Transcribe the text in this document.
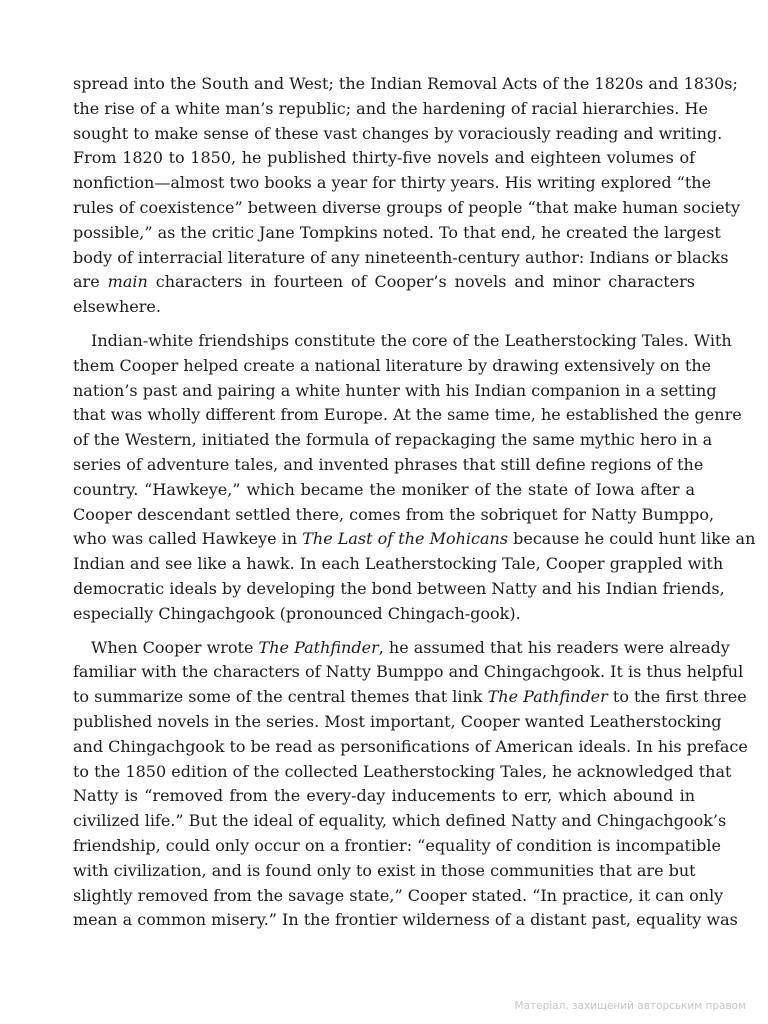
spread into the South and West; the Indian Removal Acts of the 1820s and 1830s;
the rise of a white man’s republic; and the hardening of racial hierarchies. He
sought to make sense of these vast changes by voraciously reading and writing.
From 1820 to 1850, he published thirty-five novels and eighteen volumes of
nonfiction—almost two books a year for thirty years. His writing explored “the
rules of coexistence” between diverse groups of people “that make human society
possible,” as the critic Jane Tompkins noted. To that end, he created the largest
body of interracial literature of any nineteenth-century author: Indians or blacks
are main characters in fourteen of Cooper’s novels and minor characters
elsewhere.
Indian-white friendships constitute the core of the Leatherstocking Tales. With
them Cooper helped create a national literature by drawing extensively on the
nation’s past and pairing a white hunter with his Indian companion in a setting
that was wholly different from Europe. At the same time, he established the genre
of the Western, initiated the formula of repackaging the same mythic hero in a
series of adventure tales, and invented phrases that still define regions of the
country. “Hawkeye,” which became the moniker of the state of Iowa after a
Cooper descendant settled there, comes from the sobriquet for Natty Bumppo,
who was called Hawkeye in The Last of the Mohicans because he could hunt like an
Indian and see like a hawk. In each Leatherstocking Tale, Cooper grappled with
democratic ideals by developing the bond between Natty and his Indian friends,
especially Chingachgook (pronounced Chingach-gook).
When Cooper wrote The Pathfinder, he assumed that his readers were already
familiar with the characters of Natty Bumppo and Chingachgook. It is thus helpful
to summarize some of the central themes that link The Pathfinder to the first three
published novels in the series. Most important, Cooper wanted Leatherstocking
and Chingachgook to be read as personifications of American ideals. In his preface
to the 1850 edition of the collected Leatherstocking Tales, he acknowledged that
Natty is “removed from the every-day inducements to err, which abound in
civilized life.” But the ideal of equality, which defined Natty and Chingachgook’s
friendship, could only occur on a frontier: “equality of condition is incompatible
with civilization, and is found only to exist in those communities that are but
slightly removed from the savage state,” Cooper stated. “In practice, it can only
mean a common misery.” In the frontier wilderness of a distant past, equality was
Матеріал, захищений авторським правом
